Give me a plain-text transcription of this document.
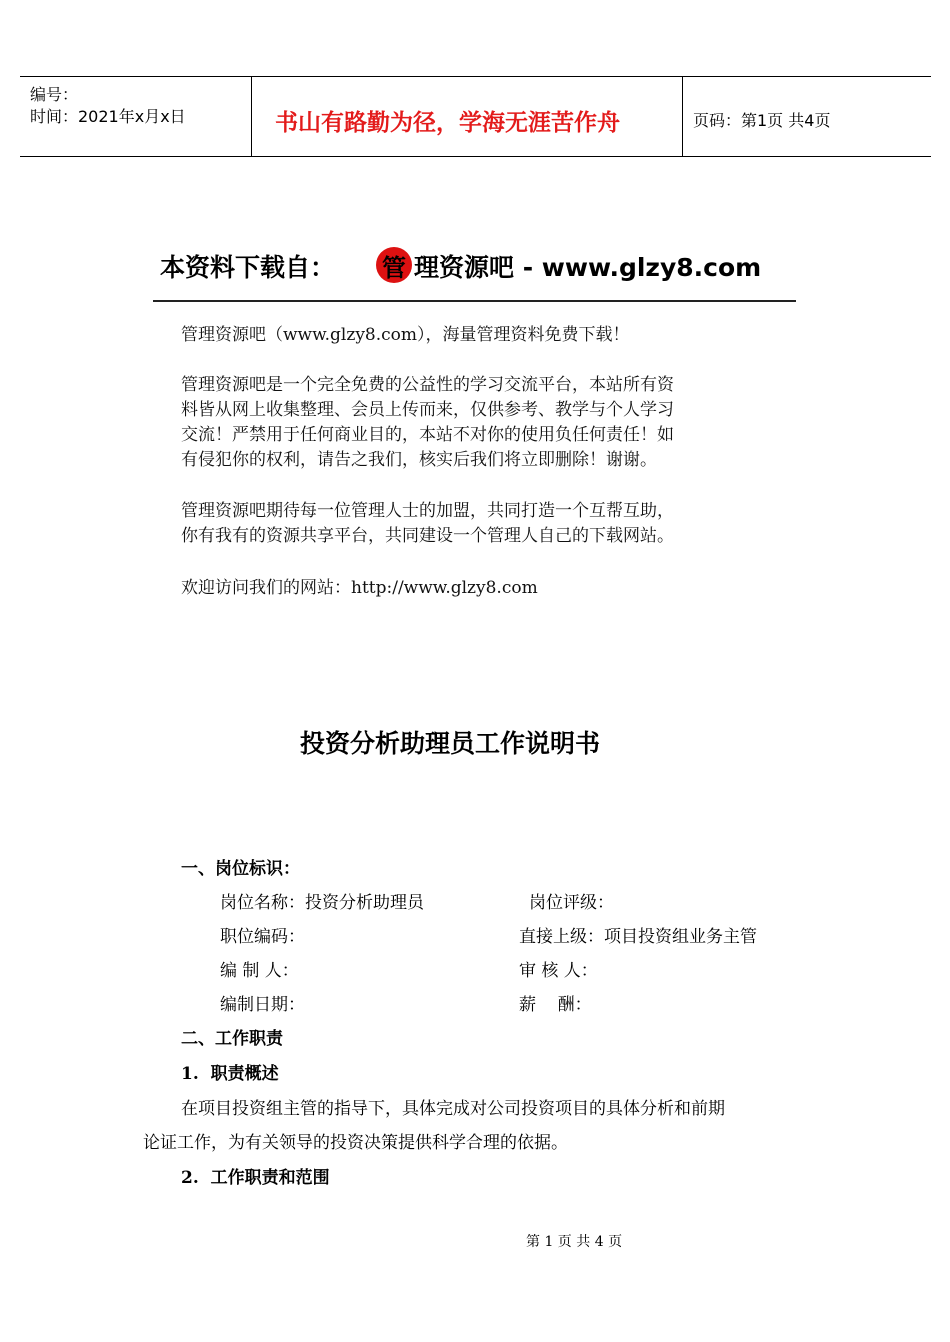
编号：
时间：2021年x月x日	书山有路勤为径，学海无涯苦作舟	页码：第1页 共4页
本资料下载自： 管 理资源吧 - www.glzy8.com
管理资源吧（www.glzy8.com），海量管理资料免费下载！
管理资源吧是一个完全免费的公益性的学习交流平台，本站所有资
料皆从网上收集整理、会员上传而来，仅供参考、教学与个人学习
交流！严禁用于任何商业目的，本站不对你的使用负任何责任！如
有侵犯你的权利，请告之我们，核实后我们将立即删除！谢谢。
管理资源吧期待每一位管理人士的加盟，共同打造一个互帮互助，
你有我有的资源共享平台，共同建设一个管理人自己的下载网站。
欢迎访问我们的网站：http://www.glzy8.com
投资分析助理员工作说明书
一、岗位标识：
岗位名称：投资分析助理员	岗位评级：
职位编码：	直接上级：项目投资组业务主管
编 制 人：	审 核 人：
编制日期：	薪    酬：
二、工作职责
1.  职责概述
在项目投资组主管的指导下，具体完成对公司投资项目的具体分析和前期
论证工作，为有关领导的投资决策提供科学合理的依据。
2.  工作职责和范围
第 1 页 共 4 页
